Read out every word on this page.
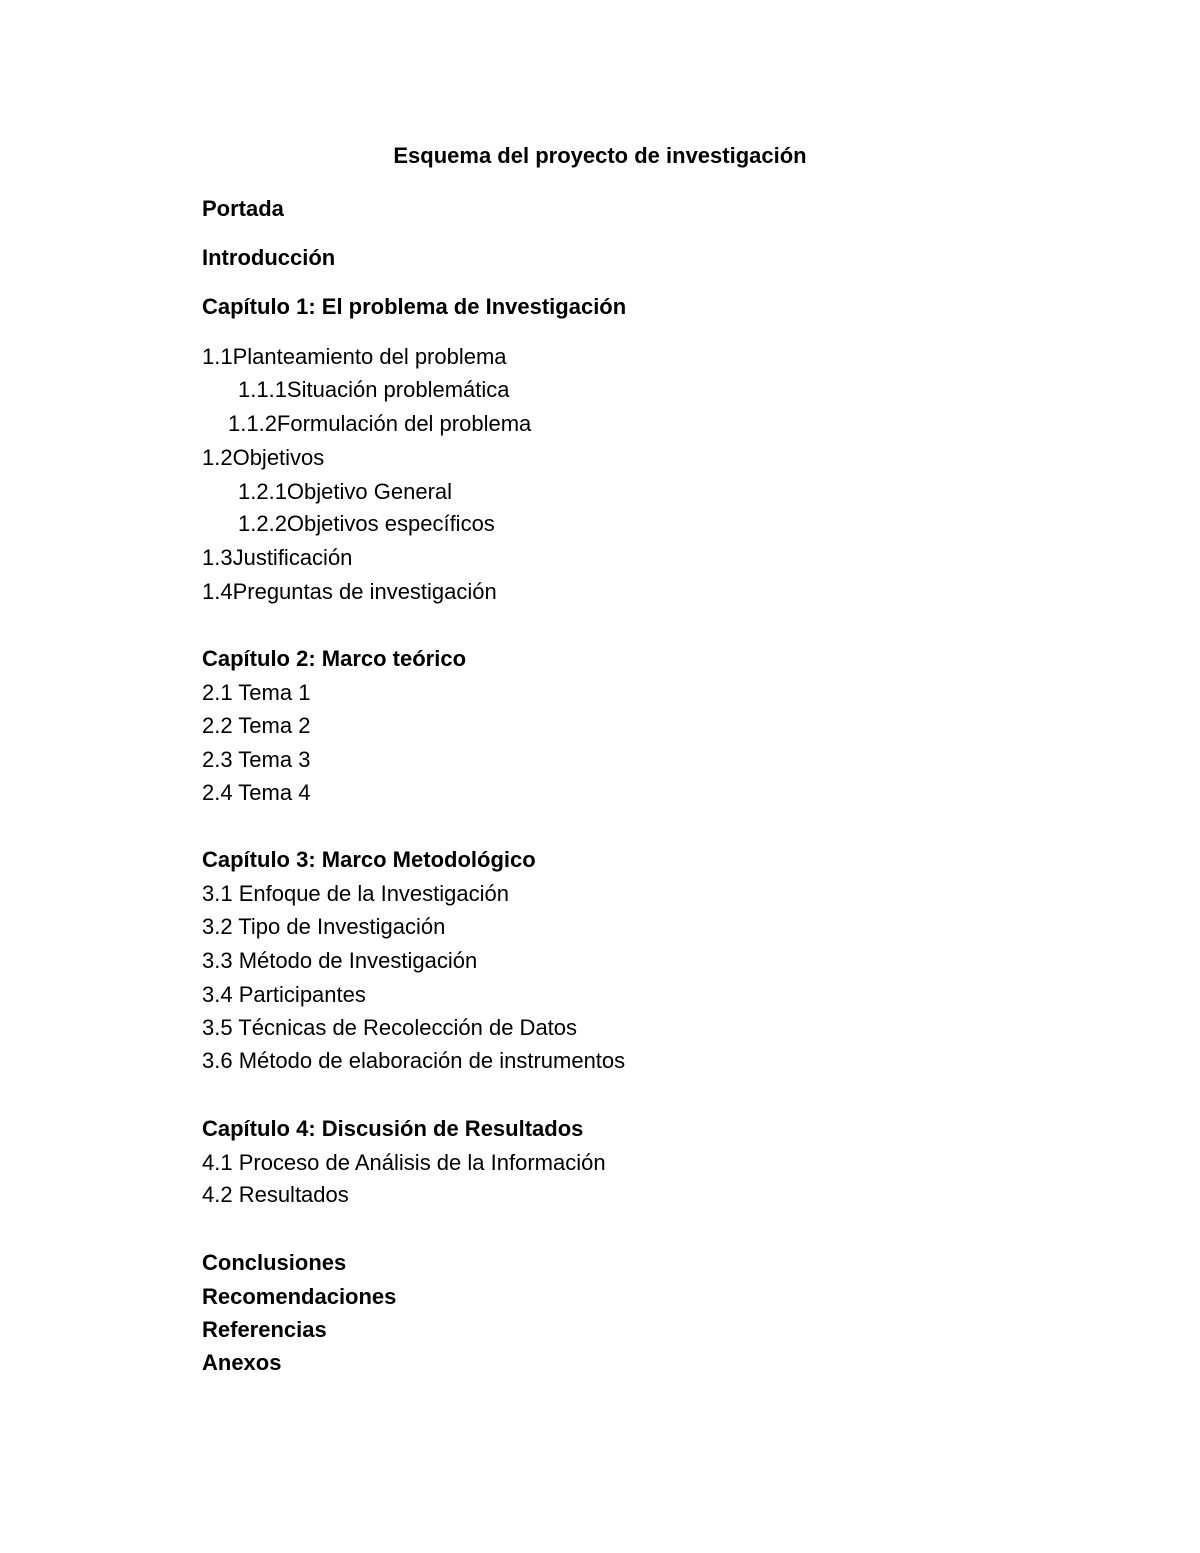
Esquema del proyecto de investigación
Portada
Introducción
Capítulo 1: El problema de Investigación
1.1Planteamiento del problema
1.1.1Situación problemática
1.1.2Formulación del problema
1.2Objetivos
1.2.1Objetivo General
1.2.2Objetivos específicos
1.3Justificación
1.4Preguntas de investigación
Capítulo 2: Marco teórico
2.1 Tema 1
2.2 Tema 2
2.3 Tema 3
2.4 Tema 4
Capítulo 3: Marco Metodológico
3.1 Enfoque de la Investigación
3.2 Tipo de Investigación
3.3 Método de Investigación
3.4 Participantes
3.5 Técnicas de Recolección de Datos
3.6 Método de elaboración de instrumentos
Capítulo 4: Discusión de Resultados
4.1 Proceso de Análisis de la Información
4.2 Resultados
Conclusiones
Recomendaciones
Referencias
Anexos
